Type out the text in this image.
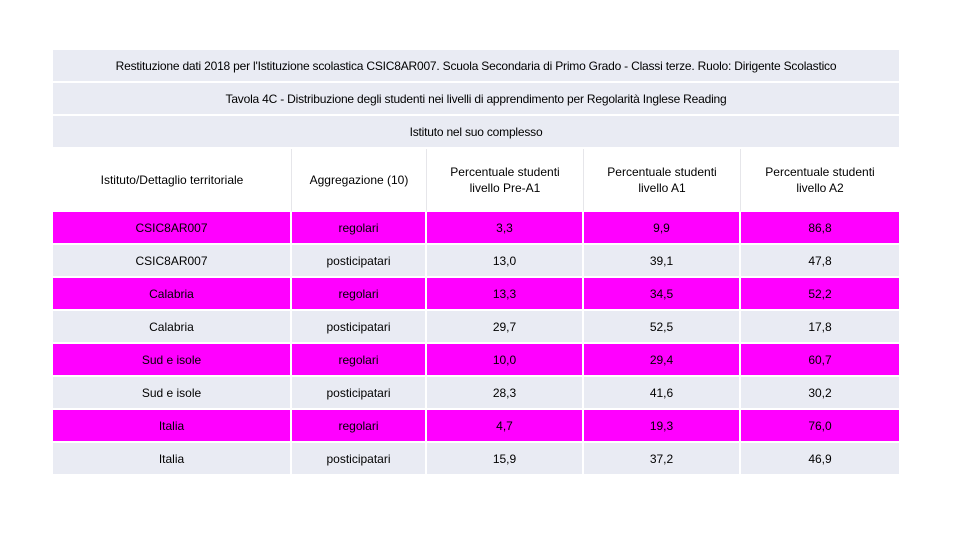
Restituzione dati 2018 per l'Istituzione scolastica CSIC8AR007. Scuola Secondaria di Primo Grado - Classi terze. Ruolo: Dirigente Scolastico
Tavola 4C - Distribuzione degli studenti nei livelli di apprendimento per Regolarità Inglese Reading
Istituto nel suo complesso
Istituto/Dettaglio territoriale	Aggregazione (10)	Percentuale studenti livello Pre-A1	Percentuale studenti livello A1	Percentuale studenti livello A2
CSIC8AR007	regolari	3,3	9,9	86,8
CSIC8AR007	posticipatari	13,0	39,1	47,8
Calabria	regolari	13,3	34,5	52,2
Calabria	posticipatari	29,7	52,5	17,8
Sud e isole	regolari	10,0	29,4	60,7
Sud e isole	posticipatari	28,3	41,6	30,2
Italia	regolari	4,7	19,3	76,0
Italia	posticipatari	15,9	37,2	46,9
